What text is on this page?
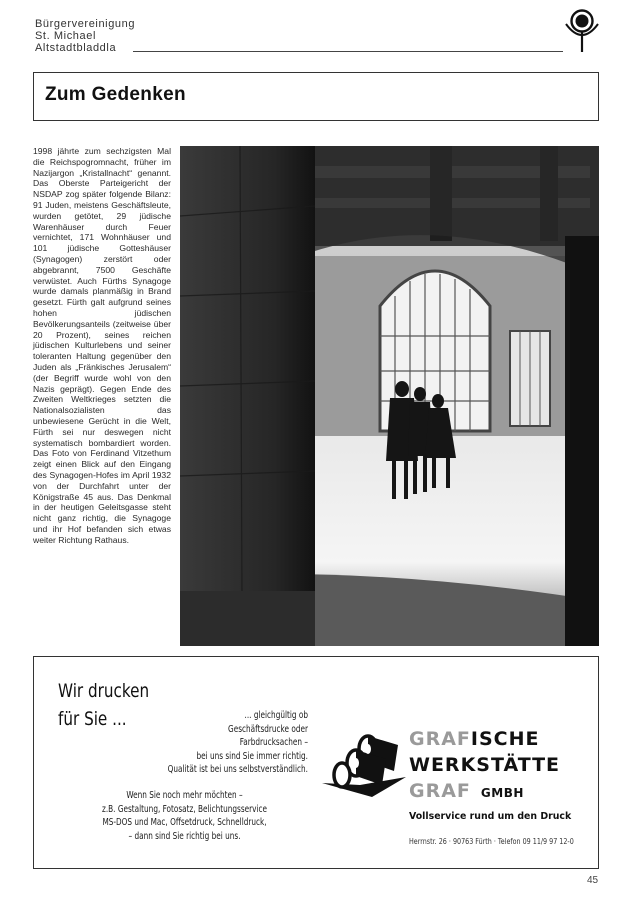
Bürgervereinigung
St. Michael
Altstadtbladdla
Zum Gedenken
1998 jährte zum sechzigsten Mal die Reichspogromnacht, früher im Nazijargon „Kristallnacht“ genannt. Das Oberste Parteigericht der NSDAP zog später folgende Bilanz: 91 Juden, meistens Geschäftsleute, wurden getötet, 29 jüdische Warenhäuser durch Feuer vernichtet, 171 Wohnhäuser und 101 jüdische Gotteshäuser (Synagogen) zerstört oder abgebrannt, 7500 Geschäfte verwüstet. Auch Fürths Synagoge wurde damals planmäßig in Brand gesetzt. Fürth galt aufgrund seines hohen jüdischen Bevölkerungsanteils (zeitweise über 20 Prozent), seines reichen jüdischen Kulturlebens und seiner toleranten Haltung gegenüber den Juden als „Fränkisches Jerusalem“ (der Begriff wurde wohl von den Nazis geprägt). Gegen Ende des Zweiten Weltkrieges setzten die Nationalsozialisten das unbewiesene Gerücht in die Welt, Fürth sei nur deswegen nicht systematisch bombardiert worden. Das Foto von Ferdinand Vitzethum zeigt einen Blick auf den Eingang des Synagogen-Hofes im April 1932 von der Durchfahrt unter der Königstraße 45 aus. Das Denkmal in der heutigen Geleitsgasse steht nicht ganz richtig, die Synagoge und ihr Hof befanden sich etwas weiter Richtung Rathaus.
Wir drucken
für Sie ...	... gleichgültig ob
Geschäftsdrucke oder
Farbdrucksachen –
bei uns sind Sie immer richtig.
Qualität ist bei uns selbstverständlich.
Wenn Sie noch mehr möchten –
z.B. Gestaltung, Fotosatz, Belichtungsservice
MS-DOS und Mac, Offsetdruck, Schnelldruck,
– dann sind Sie richtig bei uns.
GRAFISCHE
WERKSTÄTTE
GRAF GMBH
Vollservice rund um den Druck
Herrnstr. 26 · 90763 Fürth · Telefon 09 11/9 97 12-0
45
